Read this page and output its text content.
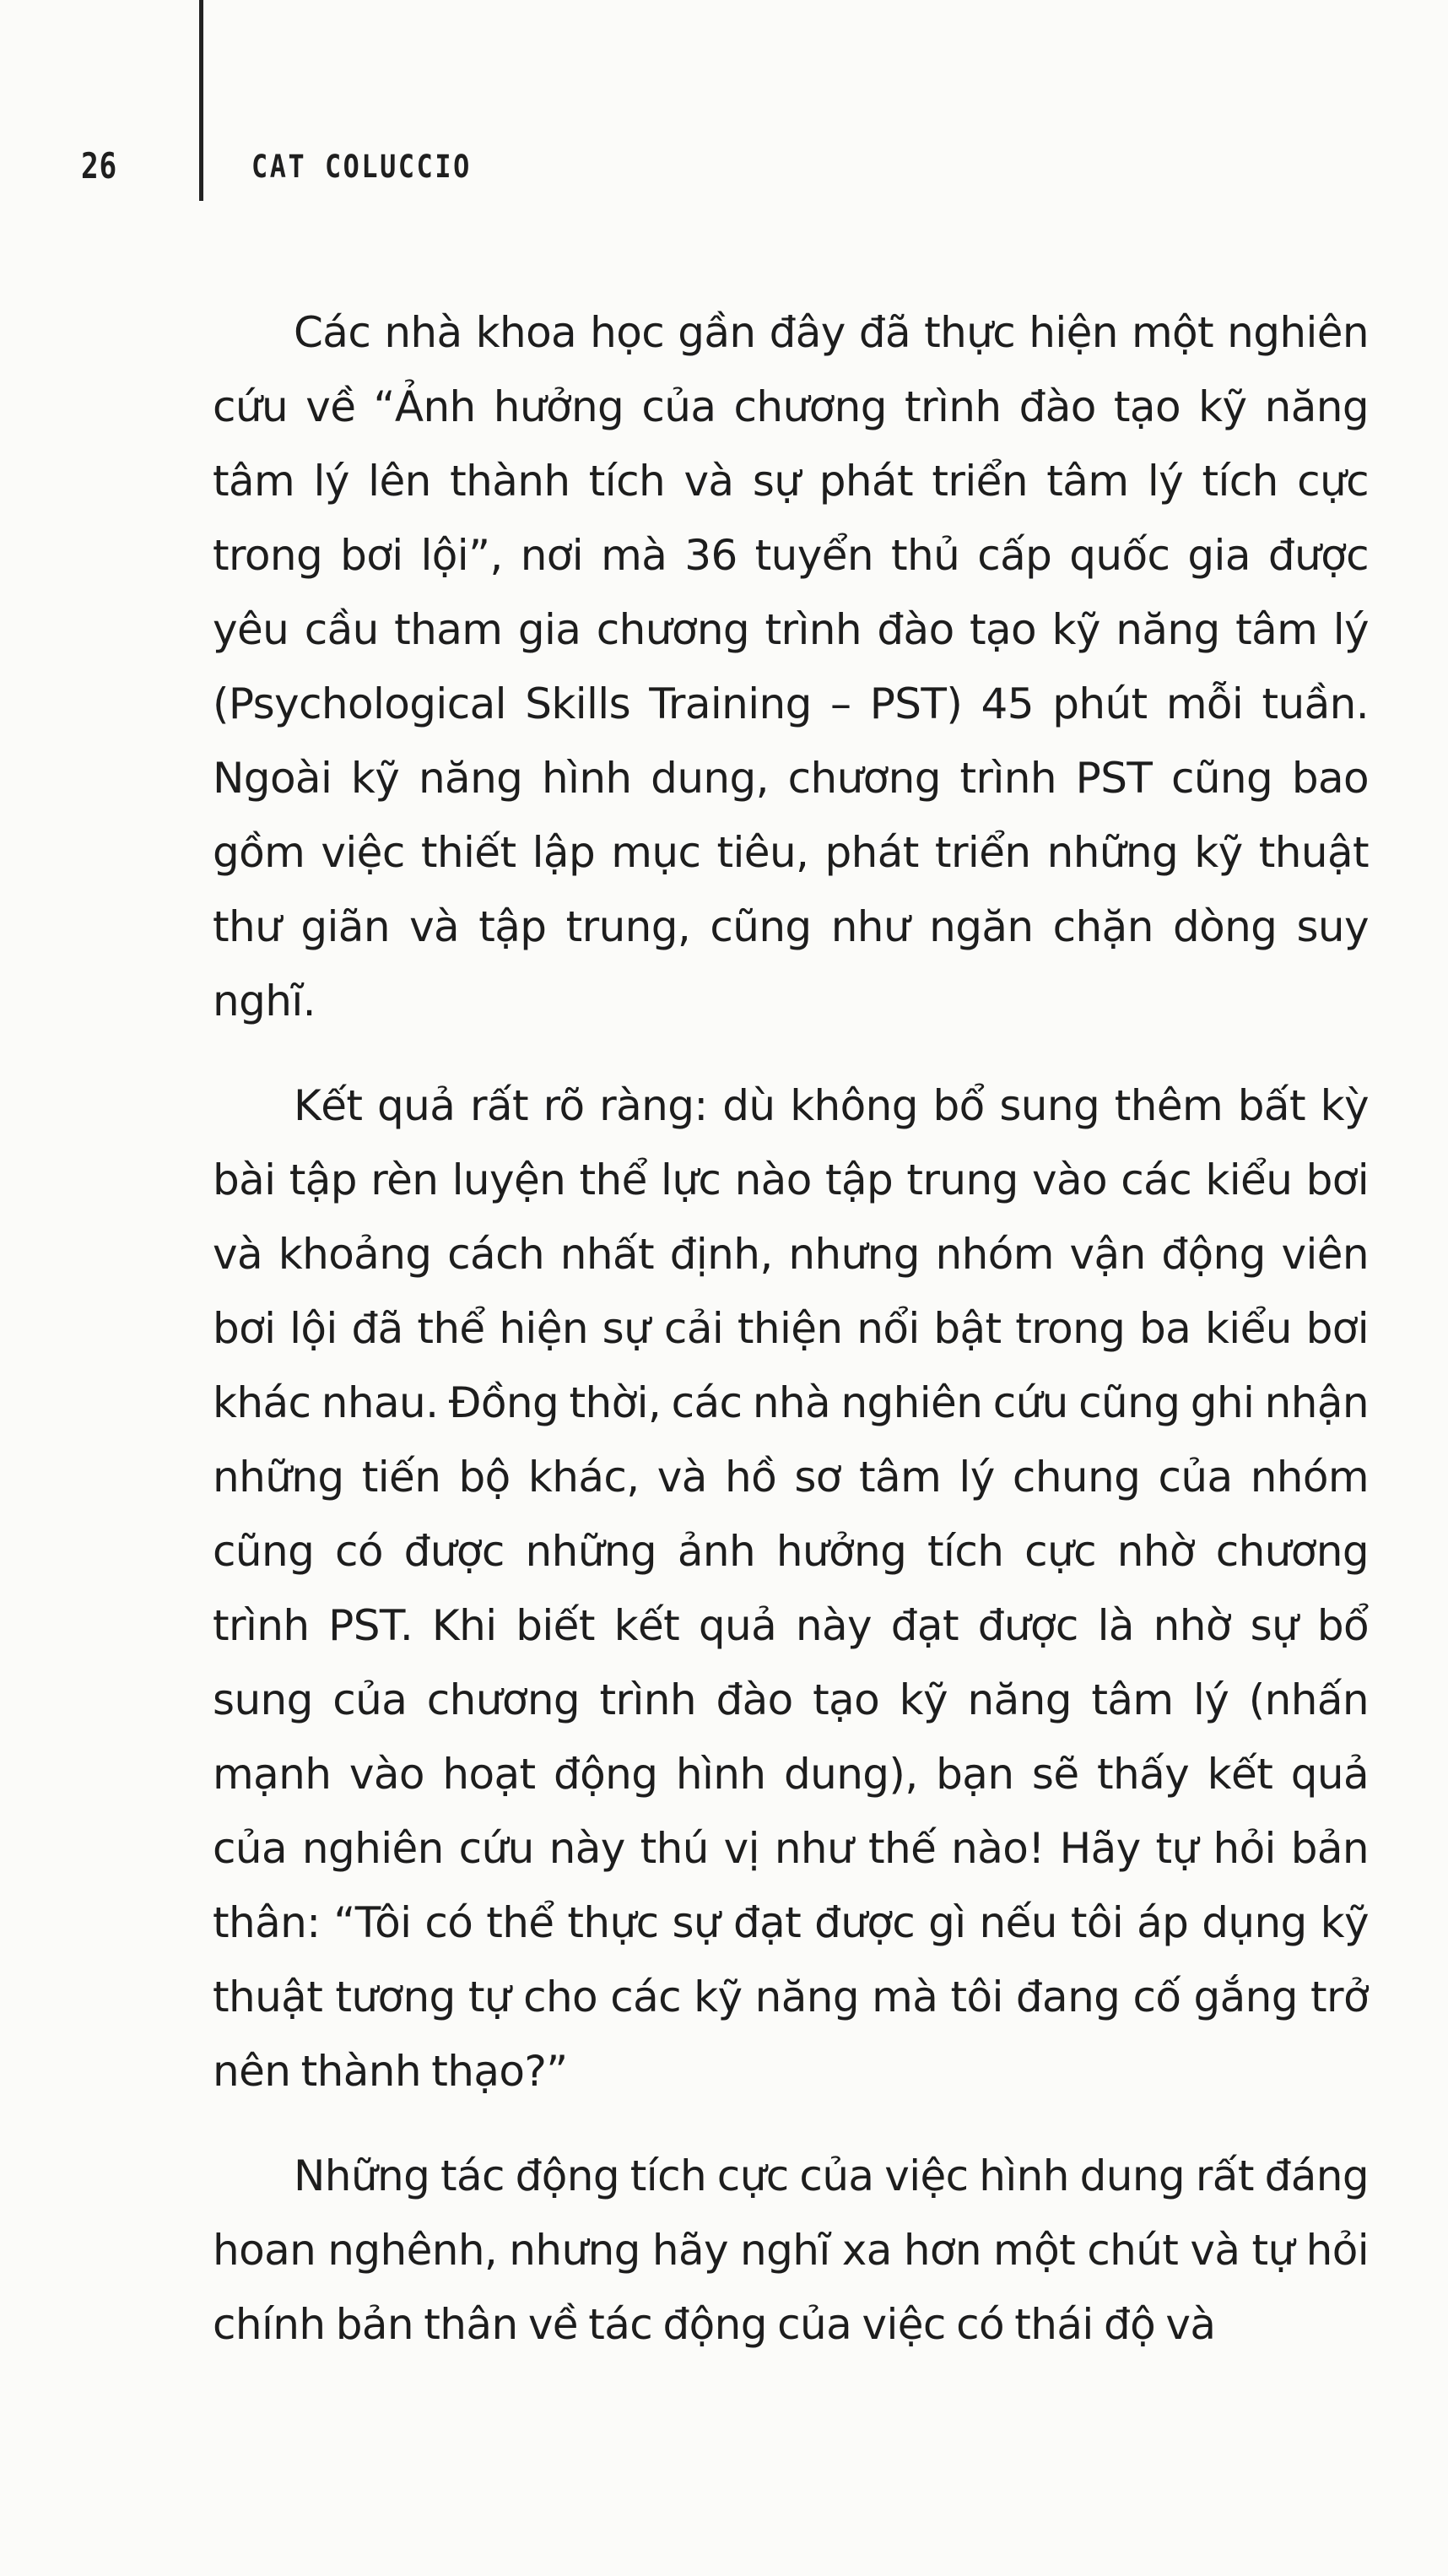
26	CAT COLUCCIO

Các nhà khoa học gần đây đã thực hiện một nghiên cứu về “Ảnh hưởng của chương trình đào tạo kỹ năng tâm lý lên thành tích và sự phát triển tâm lý tích cực trong bơi lội”, nơi mà 36 tuyển thủ cấp quốc gia được yêu cầu tham gia chương trình đào tạo kỹ năng tâm lý (Psychological Skills Training – PST) 45 phút mỗi tuần. Ngoài kỹ năng hình dung, chương trình PST cũng bao gồm việc thiết lập mục tiêu, phát triển những kỹ thuật thư giãn và tập trung, cũng như ngăn chặn dòng suy nghĩ.

Kết quả rất rõ ràng: dù không bổ sung thêm bất kỳ bài tập rèn luyện thể lực nào tập trung vào các kiểu bơi và khoảng cách nhất định, nhưng nhóm vận động viên bơi lội đã thể hiện sự cải thiện nổi bật trong ba kiểu bơi khác nhau. Đồng thời, các nhà nghiên cứu cũng ghi nhận những tiến bộ khác, và hồ sơ tâm lý chung của nhóm cũng có được những ảnh hưởng tích cực nhờ chương trình PST. Khi biết kết quả này đạt được là nhờ sự bổ sung của chương trình đào tạo kỹ năng tâm lý (nhấn mạnh vào hoạt động hình dung), bạn sẽ thấy kết quả của nghiên cứu này thú vị như thế nào! Hãy tự hỏi bản thân: “Tôi có thể thực sự đạt được gì nếu tôi áp dụng kỹ thuật tương tự cho các kỹ năng mà tôi đang cố gắng trở nên thành thạo?”

Những tác động tích cực của việc hình dung rất đáng hoan nghênh, nhưng hãy nghĩ xa hơn một chút và tự hỏi chính bản thân về tác động của việc có thái độ và
